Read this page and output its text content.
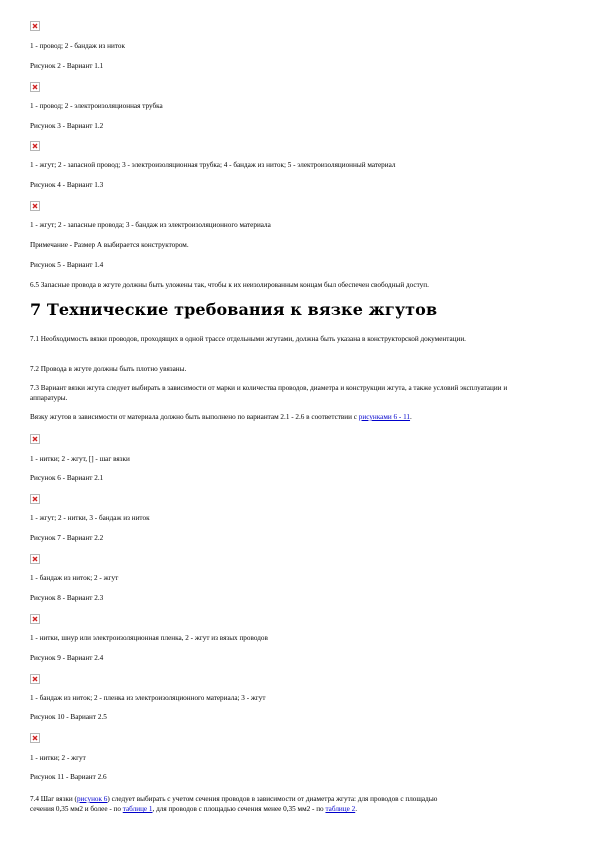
1 - провод; 2 - бандаж из ниток
Рисунок 2 - Вариант 1.1
1 - провод; 2 - электроизоляционная трубка
Рисунок 3 - Вариант 1.2
1 - жгут; 2 - запасной провод; 3 - электроизоляционная трубка; 4 - бандаж из ниток; 5 - электроизоляционный материал
Рисунок 4 - Вариант 1.3
1 - жгут; 2 - запасные провода; 3 - бандаж из электроизоляционного материала
Примечание - Размер А выбирается конструктором.
Рисунок 5 - Вариант 1.4
6.5 Запасные провода в жгуте должны быть уложены так, чтобы к их неизолированным концам был обеспечен свободный доступ.
7 Технические требования к вязке жгутов
7.1 Необходимость вязки проводов, проходящих в одной трассе отдельными жгутами, должна быть указана в конструкторской документации.
7.2 Провода в жгуте должны быть плотно увязаны.
7.3 Вариант вязки жгута следует выбирать в зависимости от марки и количества проводов, диаметра и конструкции жгута, а также условий эксплуатации и аппаратуры.
Вязку жгутов в зависимости от материала должно быть выполнено по вариантам 2.1 - 2.6 в соответствии с рисунками 6 - 11.
1 - нитки; 2 - жгут, [] - шаг вязки
Рисунок 6 - Вариант 2.1
1 - жгут; 2 - нитки, 3 - бандаж из ниток
Рисунок 7 - Вариант 2.2
1 - бандаж из ниток; 2 - жгут
Рисунок 8 - Вариант 2.3
1 - нитки, шнур или электроизоляционная пленка, 2 - жгут из вязых проводов
Рисунок 9 - Вариант 2.4
1 - бандаж из ниток; 2 - пленка из электроизоляционного материала; 3 - жгут
Рисунок 10 - Вариант 2.5
1 - нитки; 2 - жгут
Рисунок 11 - Вариант 2.6
7.4 Шаг вязки (рисунок 6) следует выбирать с учетом сечения проводов в зависимости от диаметра жгута: для проводов с площадью
сечения 0,35 мм2 и более - по таблице 1, для проводов с площадью сечения менее 0,35 мм2 - по таблице 2.
